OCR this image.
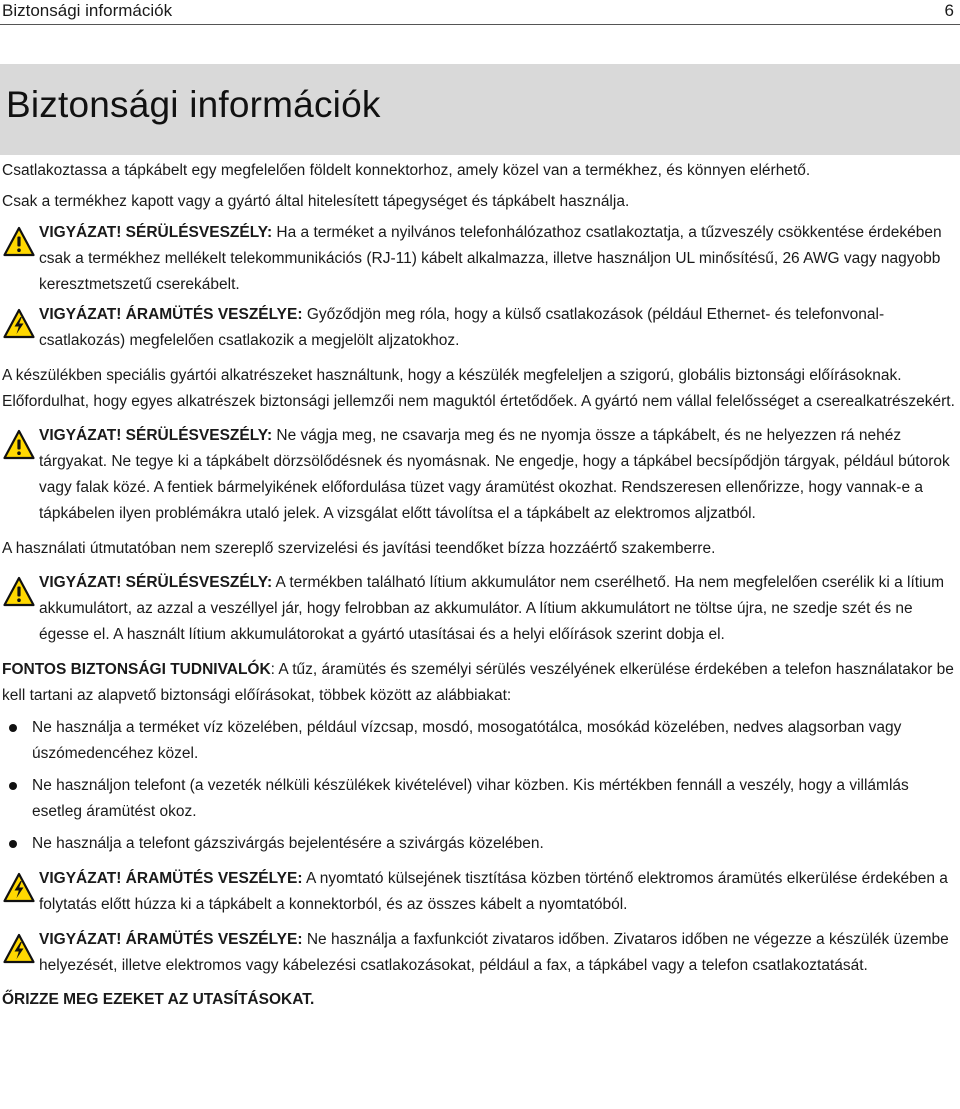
Biztonsági információk	6
Biztonsági információk

Csatlakoztassa a tápkábelt egy megfelelően földelt konnektorhoz, amely közel van a termékhez, és könnyen elérhető.

Csak a termékhez kapott vagy a gyártó által hitelesített tápegységet és tápkábelt használja.

VIGYÁZAT! SÉRÜLÉSVESZÉLY: Ha a terméket a nyilvános telefonhálózathoz csatlakoztatja, a tűzveszély csökkentése érdekében csak a termékhez mellékelt telekommunikációs (RJ-11) kábelt alkalmazza, illetve használjon UL minősítésű, 26 AWG vagy nagyobb keresztmetszetű cserekábelt.

VIGYÁZAT! ÁRAMÜTÉS VESZÉLYE: Győződjön meg róla, hogy a külső csatlakozások (például Ethernet- és telefonvonal-csatlakozás) megfelelően csatlakozik a megjelölt aljzatokhoz.

A készülékben speciális gyártói alkatrészeket használtunk, hogy a készülék megfeleljen a szigorú, globális biztonsági előírásoknak. Előfordulhat, hogy egyes alkatrészek biztonsági jellemzői nem maguktól értetődőek. A gyártó nem vállal felelősséget a cserealkatrészekért.

VIGYÁZAT! SÉRÜLÉSVESZÉLY: Ne vágja meg, ne csavarja meg és ne nyomja össze a tápkábelt, és ne helyezzen rá nehéz tárgyakat. Ne tegye ki a tápkábelt dörzsölődésnek és nyomásnak. Ne engedje, hogy a tápkábel becsípődjön tárgyak, például bútorok vagy falak közé. A fentiek bármelyikének előfordulása tüzet vagy áramütést okozhat. Rendszeresen ellenőrizze, hogy vannak-e a tápkábelen ilyen problémákra utaló jelek. A vizsgálat előtt távolítsa el a tápkábelt az elektromos aljzatból.

A használati útmutatóban nem szereplő szervizelési és javítási teendőket bízza hozzáértő szakemberre.

VIGYÁZAT! SÉRÜLÉSVESZÉLY: A termékben található lítium akkumulátor nem cserélhető. Ha nem megfelelően cserélik ki a lítium akkumulátort, az azzal a veszéllyel jár, hogy felrobban az akkumulátor. A lítium akkumulátort ne töltse újra, ne szedje szét és ne égesse el. A használt lítium akkumulátorokat a gyártó utasításai és a helyi előírások szerint dobja el.

FONTOS BIZTONSÁGI TUDNIVALÓK: A tűz, áramütés és személyi sérülés veszélyének elkerülése érdekében a telefon használatakor be kell tartani az alapvető biztonsági előírásokat, többek között az alábbiakat:

Ne használja a terméket víz közelében, például vízcsap, mosdó, mosogatótálca, mosókád közelében, nedves alagsorban vagy úszómedencéhez közel.
Ne használjon telefont (a vezeték nélküli készülékek kivételével) vihar közben. Kis mértékben fennáll a veszély, hogy a villámlás esetleg áramütést okoz.
Ne használja a telefont gázszivárgás bejelentésére a szivárgás közelében.

VIGYÁZAT! ÁRAMÜTÉS VESZÉLYE: A nyomtató külsejének tisztítása közben történő elektromos áramütés elkerülése érdekében a folytatás előtt húzza ki a tápkábelt a konnektorból, és az összes kábelt a nyomtatóból.

VIGYÁZAT! ÁRAMÜTÉS VESZÉLYE: Ne használja a faxfunkciót zivataros időben. Zivataros időben ne végezze a készülék üzembe helyezését, illetve elektromos vagy kábelezési csatlakozásokat, például a fax, a tápkábel vagy a telefon csatlakoztatását.

ŐRIZZE MEG EZEKET AZ UTASÍTÁSOKAT.
